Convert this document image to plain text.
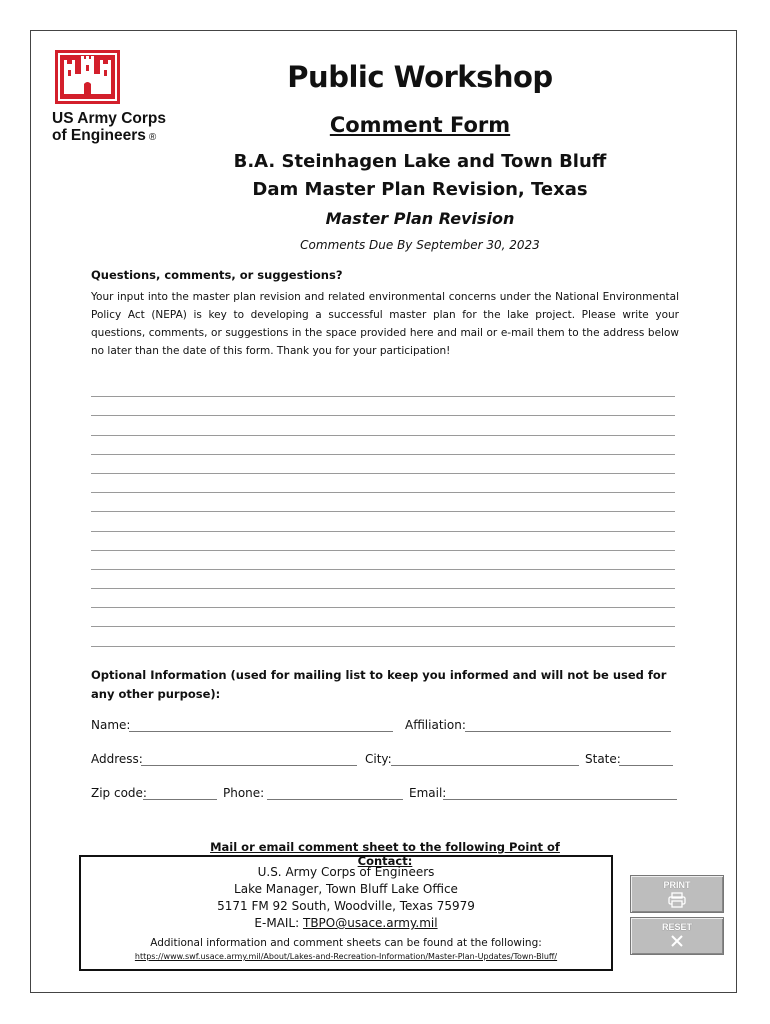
US Army Corps
of Engineers ®
Public Workshop
Comment Form
B.A. Steinhagen Lake and Town Bluff
Dam Master Plan Revision, Texas
Master Plan Revision
Comments Due By September 30, 2023
Questions, comments, or suggestions?
Your input into the master plan revision and related environmental concerns under the National Environmental Policy Act (NEPA) is key to developing a successful master plan for the lake project. Please write your questions, comments, or suggestions in the space provided here and mail or e-mail them to the address below no later than the date of this form. Thank you for your participation!
Optional Information (used for mailing list to keep you informed and will not be used for any other purpose):
Name:	Affiliation:
Address:	City:	State:
Zip code:	Phone:	Email:
Mail or email comment sheet to the following Point of Contact:
U.S. Army Corps of Engineers
Lake Manager, Town Bluff Lake Office
5171 FM 92 South, Woodville, Texas 75979
E-MAIL: TBPO@usace.army.mil
Additional information and comment sheets can be found at the following:
https://www.swf.usace.army.mil/About/Lakes-and-Recreation-Information/Master-Plan-Updates/Town-Bluff/
PRINT
RESET
